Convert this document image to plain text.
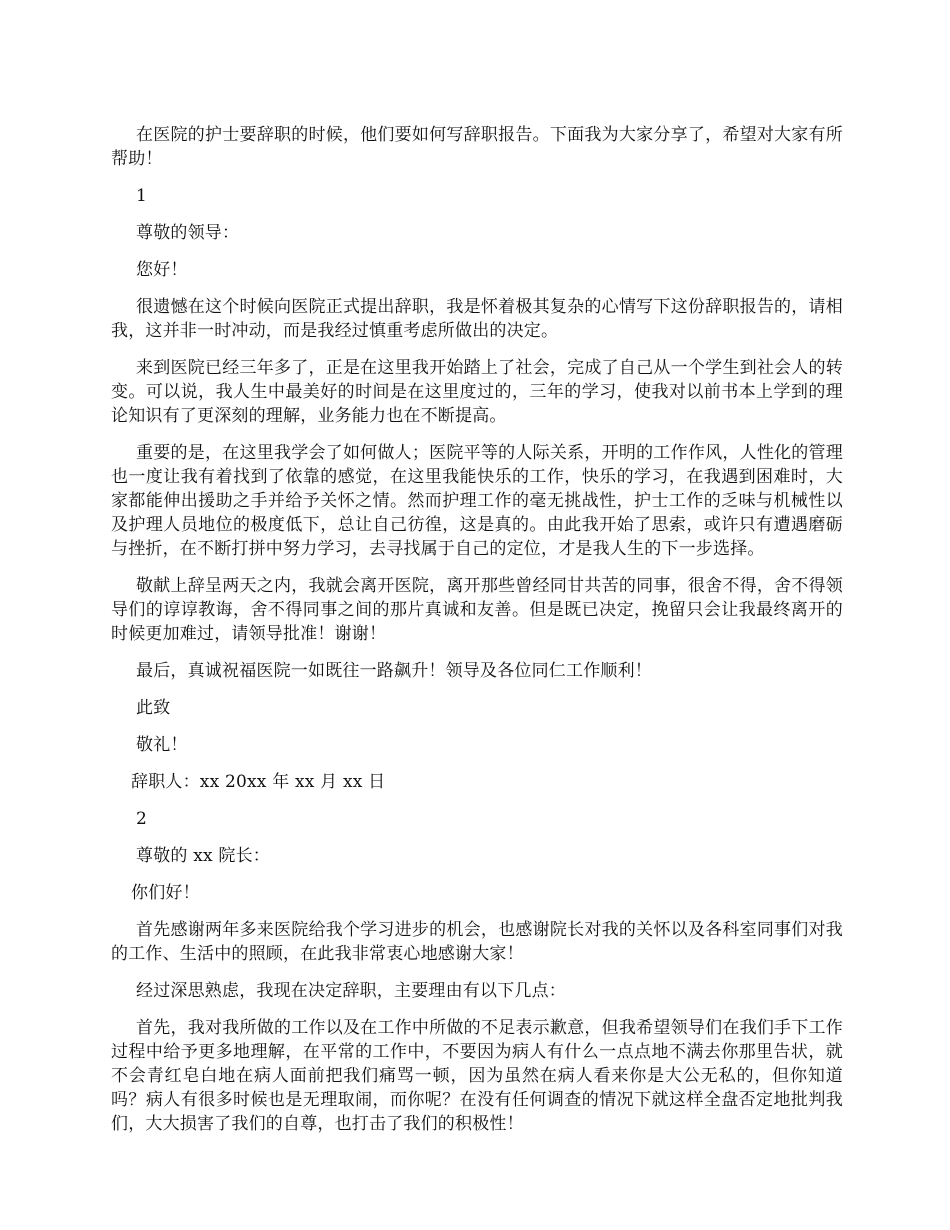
在医院的护士要辞职的时候，他们要如何写辞职报告。下面我为大家分享了，希望对大家有所帮助！

1

尊敬的领导：

您好！

很遗憾在这个时候向医院正式提出辞职，我是怀着极其复杂的心情写下这份辞职报告的，请相我，这并非一时冲动，而是我经过慎重考虑所做出的决定。

来到医院已经三年多了，正是在这里我开始踏上了社会，完成了自己从一个学生到社会人的转变。可以说，我人生中最美好的时间是在这里度过的，三年的学习，使我对以前书本上学到的理论知识有了更深刻的理解，业务能力也在不断提高。

重要的是，在这里我学会了如何做人；医院平等的人际关系，开明的工作作风，人性化的管理也一度让我有着找到了依靠的感觉，在这里我能快乐的工作，快乐的学习，在我遇到困难时，大家都能伸出援助之手并给予关怀之情。然而护理工作的毫无挑战性，护士工作的乏味与机械性以及护理人员地位的极度低下，总让自己彷徨，这是真的。由此我开始了思索，或许只有遭遇磨砺与挫折，在不断打拼中努力学习，去寻找属于自己的定位，才是我人生的下一步选择。

敬献上辞呈两天之内，我就会离开医院，离开那些曾经同甘共苦的同事，很舍不得，舍不得领导们的谆谆教诲，舍不得同事之间的那片真诚和友善。但是既已决定，挽留只会让我最终离开的时候更加难过，请领导批准！谢谢！

最后，真诚祝福医院一如既往一路飙升！领导及各位同仁工作顺利！

此致

敬礼！

辞职人：xx 20xx 年 xx 月 xx 日

2

尊敬的 xx 院长：

你们好！

首先感谢两年多来医院给我个学习进步的机会，也感谢院长对我的关怀以及各科室同事们对我的工作、生活中的照顾，在此我非常衷心地感谢大家！

经过深思熟虑，我现在决定辞职，主要理由有以下几点：

首先，我对我所做的工作以及在工作中所做的不足表示歉意，但我希望领导们在我们手下工作过程中给予更多地理解，在平常的工作中，不要因为病人有什么一点点地不满去你那里告状，就不会青红皂白地在病人面前把我们痛骂一顿，因为虽然在病人看来你是大公无私的，但你知道吗？病人有很多时候也是无理取闹，而你呢？在没有任何调查的情况下就这样全盘否定地批判我们，大大损害了我们的自尊，也打击了我们的积极性！
